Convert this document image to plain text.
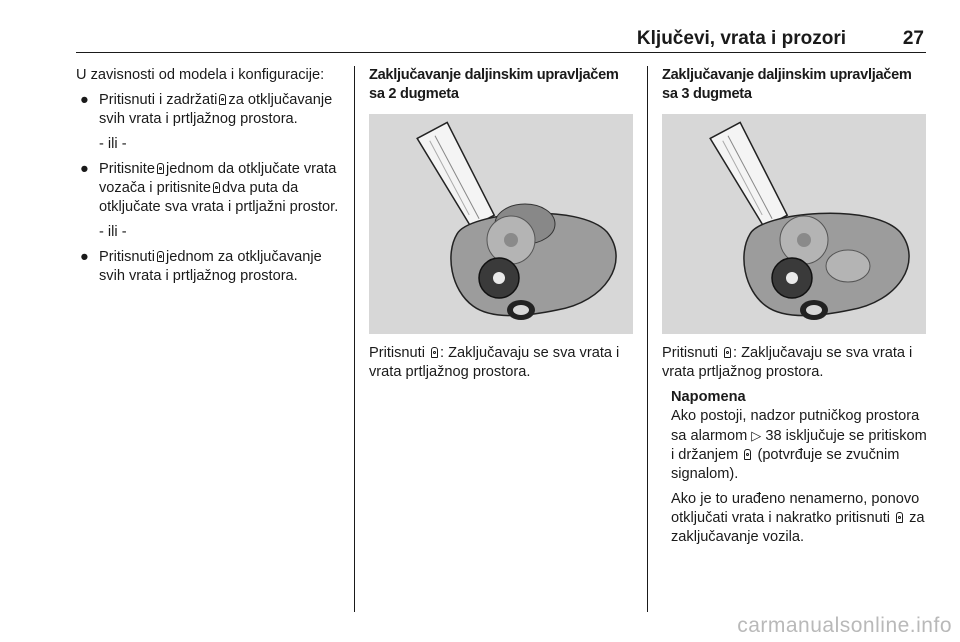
Ključevi, vrata i prozori	27

U zavisnosti od modela i konfiguracije:

● Pritisnuti i zadržati za otključavanje svih vrata i prtljažnog prostora.

- ili -

● Pritisnite jednom da otključate vrata vozača i pritisnite dva puta da otključate sva vrata i prtljažni prostor.

- ili -

● Pritisnuti jednom za otključavanje svih vrata i prtljažnog prostora.

Zaključavanje daljinskim upravljačem sa 2 dugmeta

Pritisnuti : Zaključavaju se sva vrata i vrata prtljažnog prostora.

Zaključavanje daljinskim upravljačem sa 3 dugmeta

Pritisnuti : Zaključavaju se sva vrata i vrata prtljažnog prostora.

Napomena

Ako postoji, nadzor putničkog prostora sa alarmom ▷ 38 isključuje se pritiskom i držanjem (potvrđuje se zvučnim signalom).

Ako je to urađeno nenamerno, ponovo otključati vrata i nakratko pritisnuti za zaključavanje vozila.

carmanualsonline.info
